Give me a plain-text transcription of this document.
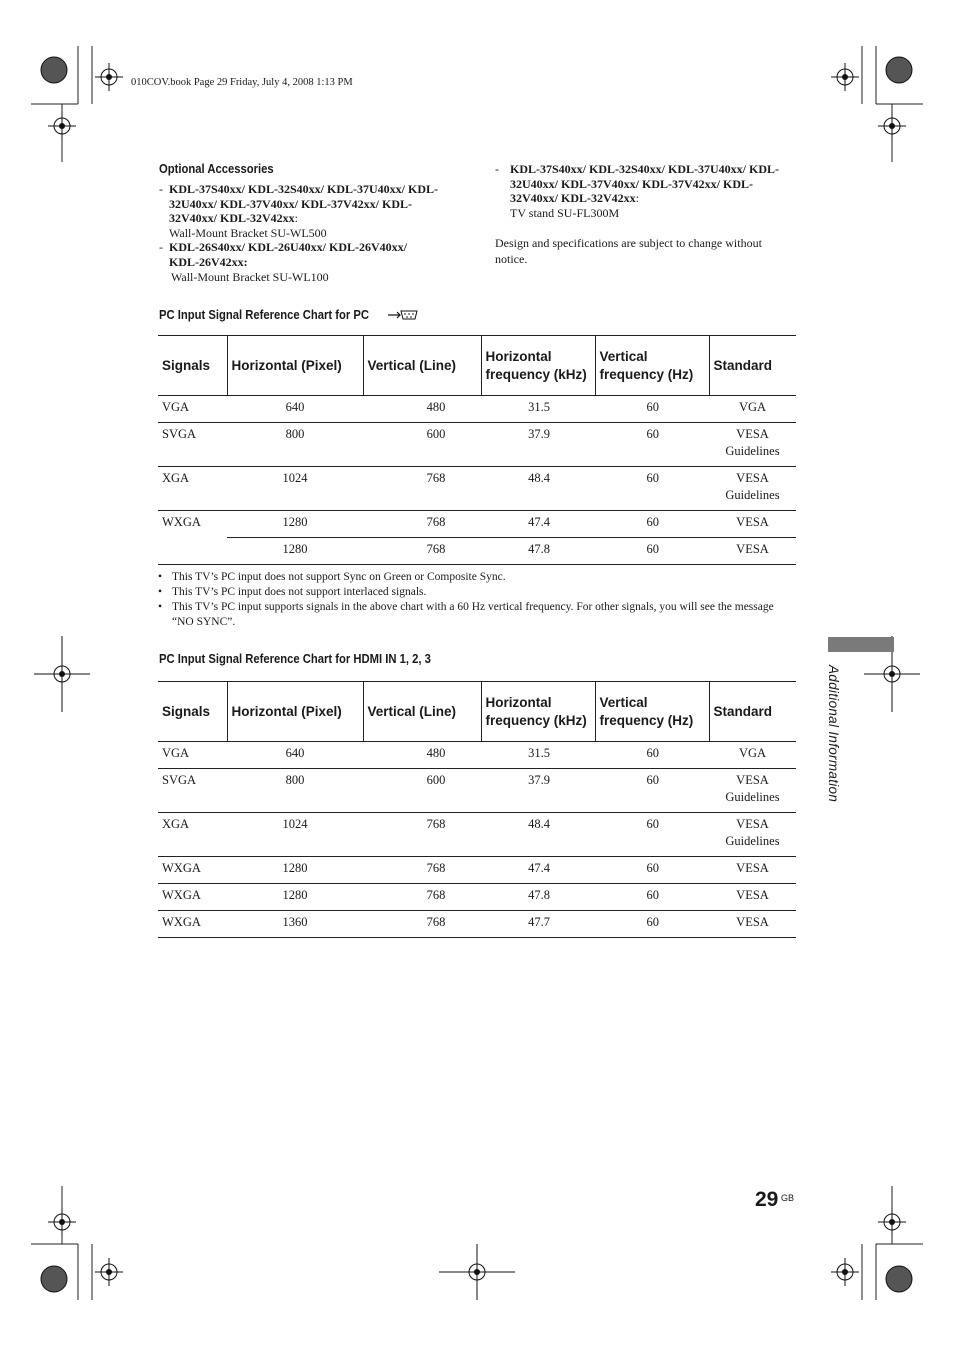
010COV.book Page 29 Friday, July 4, 2008 1:13 PM
Optional Accessories
- KDL-37S40xx/ KDL-32S40xx/ KDL-37U40xx/ KDL-32U40xx/ KDL-37V40xx/ KDL-37V42xx/ KDL-32V40xx/ KDL-32V42xx:
Wall-Mount Bracket SU-WL500
- KDL-26S40xx/ KDL-26U40xx/ KDL-26V40xx/ KDL-26V42xx:
Wall-Mount Bracket SU-WL100
- KDL-37S40xx/ KDL-32S40xx/ KDL-37U40xx/ KDL-32U40xx/ KDL-37V40xx/ KDL-37V42xx/ KDL-32V40xx/ KDL-32V42xx:
TV stand SU-FL300M
Design and specifications are subject to change without notice.
PC Input Signal Reference Chart for PC
Signals	Horizontal (Pixel)	Vertical (Line)	Horizontal frequency (kHz)	Vertical frequency (Hz)	Standard
VGA	640	480	31.5	60	VGA
SVGA	800	600	37.9	60	VESA Guidelines
XGA	1024	768	48.4	60	VESA Guidelines
WXGA	1280	768	47.4	60	VESA
	1280	768	47.8	60	VESA
• This TV’s PC input does not support Sync on Green or Composite Sync.
• This TV’s PC input does not support interlaced signals.
• This TV’s PC input supports signals in the above chart with a 60 Hz vertical frequency. For other signals, you will see the message “NO SYNC”.
PC Input Signal Reference Chart for HDMI IN 1, 2, 3
Signals	Horizontal (Pixel)	Vertical (Line)	Horizontal frequency (kHz)	Vertical frequency (Hz)	Standard
VGA	640	480	31.5	60	VGA
SVGA	800	600	37.9	60	VESA Guidelines
XGA	1024	768	48.4	60	VESA Guidelines
WXGA	1280	768	47.4	60	VESA
WXGA	1280	768	47.8	60	VESA
WXGA	1360	768	47.7	60	VESA
Additional Information
29 GB
